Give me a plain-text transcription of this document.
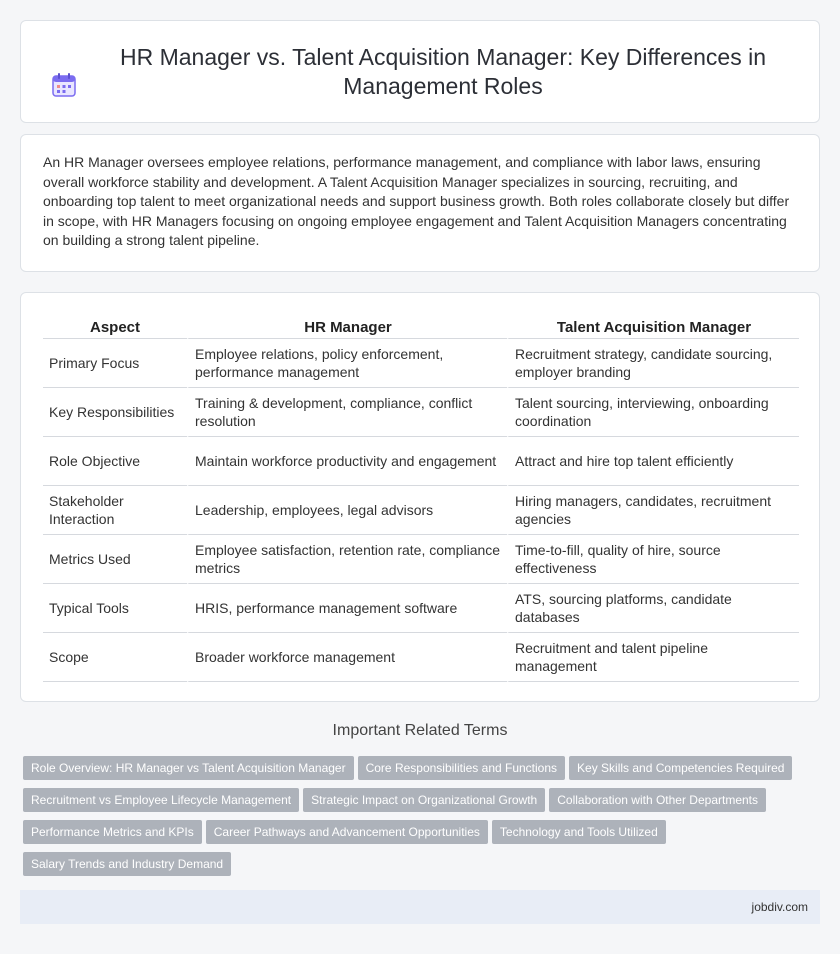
HR Manager vs. Talent Acquisition Manager: Key Differences in Management Roles

An HR Manager oversees employee relations, performance management, and compliance with labor laws, ensuring overall workforce stability and development. A Talent Acquisition Manager specializes in sourcing, recruiting, and onboarding top talent to meet organizational needs and support business growth. Both roles collaborate closely but differ in scope, with HR Managers focusing on ongoing employee engagement and Talent Acquisition Managers concentrating on building a strong talent pipeline.

Aspect	HR Manager	Talent Acquisition Manager
Primary Focus	Employee relations, policy enforcement, performance management	Recruitment strategy, candidate sourcing, employer branding
Key Responsibilities	Training & development, compliance, conflict resolution	Talent sourcing, interviewing, onboarding coordination
Role Objective	Maintain workforce productivity and engagement	Attract and hire top talent efficiently
Stakeholder Interaction	Leadership, employees, legal advisors	Hiring managers, candidates, recruitment agencies
Metrics Used	Employee satisfaction, retention rate, compliance metrics	Time-to-fill, quality of hire, source effectiveness
Typical Tools	HRIS, performance management software	ATS, sourcing platforms, candidate databases
Scope	Broader workforce management	Recruitment and talent pipeline management
Important Related Terms
Role Overview: HR Manager vs Talent Acquisition Manager Core Responsibilities and Functions Key Skills and Competencies Required
Recruitment vs Employee Lifecycle Management Strategic Impact on Organizational Growth Collaboration with Other Departments
Performance Metrics and KPIs Career Pathways and Advancement Opportunities Technology and Tools Utilized
Salary Trends and Industry Demand
jobdiv.com
